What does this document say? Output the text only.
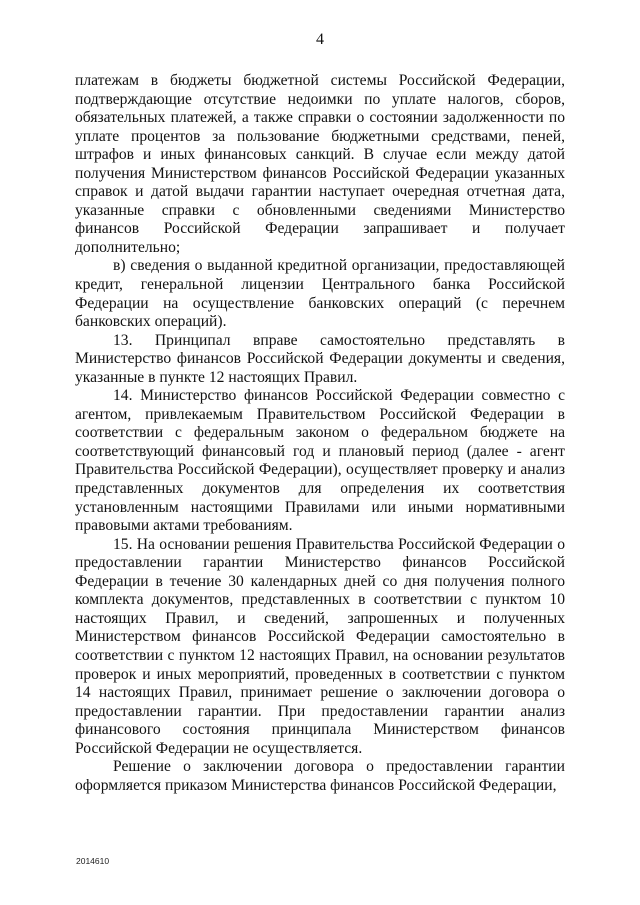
4

платежам в бюджеты бюджетной системы Российской Федерации, подтверждающие отсутствие недоимки по уплате налогов, сборов, обязательных платежей, а также справки о состоянии задолженности по уплате процентов за пользование бюджетными средствами, пеней, штрафов и иных финансовых санкций. В случае если между датой получения Министерством финансов Российской Федерации указанных справок и датой выдачи гарантии наступает очередная отчетная дата, указанные справки с обновленными сведениями Министерство финансов Российской Федерации запрашивает и получает дополнительно;

в) сведения о выданной кредитной организации, предоставляющей кредит, генеральной лицензии Центрального банка Российской Федерации на осуществление банковских операций (с перечнем банковских операций).

13. Принципал вправе самостоятельно представлять в Министерство финансов Российской Федерации документы и сведения, указанные в пункте 12 настоящих Правил.

14. Министерство финансов Российской Федерации совместно с агентом, привлекаемым Правительством Российской Федерации в соответствии с федеральным законом о федеральном бюджете на соответствующий финансовый год и плановый период (далее - агент Правительства Российской Федерации), осуществляет проверку и анализ представленных документов для определения их соответствия установленным настоящими Правилами или иными нормативными правовыми актами требованиям.

15. На основании решения Правительства Российской Федерации о предоставлении гарантии Министерство финансов Российской Федерации в течение 30 календарных дней со дня получения полного комплекта документов, представленных в соответствии с пунктом 10 настоящих Правил, и сведений, запрошенных и полученных Министерством финансов Российской Федерации самостоятельно в соответствии с пунктом 12 настоящих Правил, на основании результатов проверок и иных мероприятий, проведенных в соответствии с пунктом 14 настоящих Правил, принимает решение о заключении договора о предоставлении гарантии. При предоставлении гарантии анализ финансового состояния принципала Министерством финансов Российской Федерации не осуществляется.

Решение о заключении договора о предоставлении гарантии оформляется приказом Министерства финансов Российской Федерации,

2014610
